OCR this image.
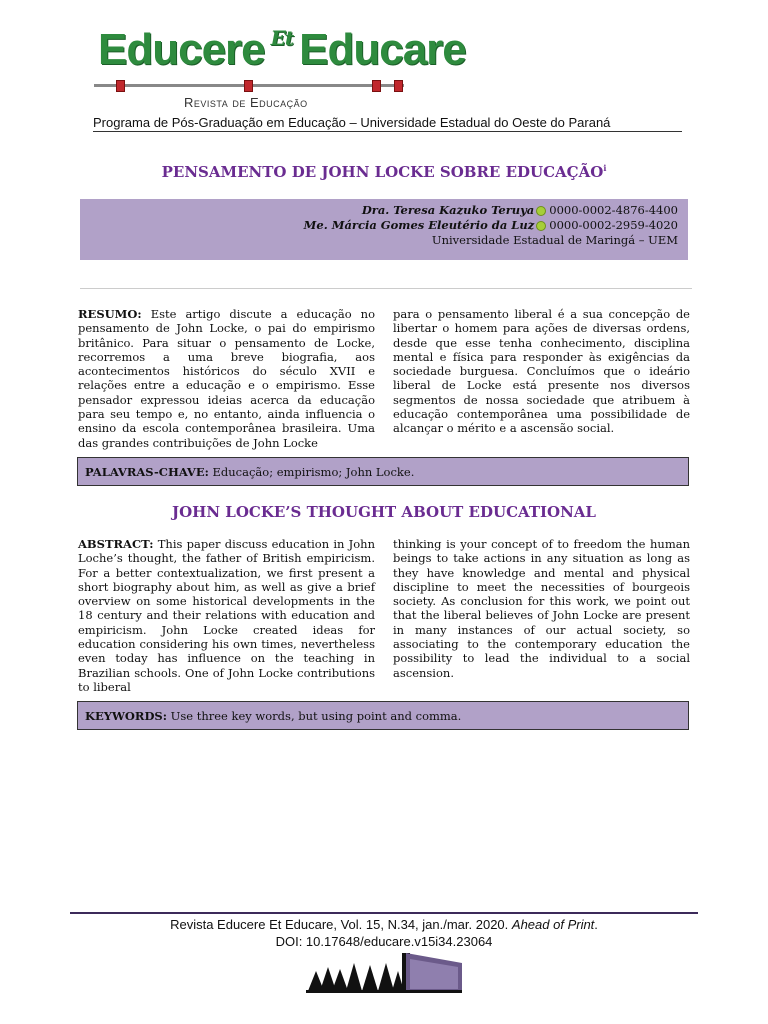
Educere $^{Et}$ Educare
Revista de Educação
Programa de Pós-Graduação em Educação – Universidade Estadual do Oeste do Paraná
PENSAMENTO DE JOHN LOCKE SOBRE EDUCAÇÃO$^i$
Dra. Teresa Kazuko Teruya 0000-0002-4876-4400
Me. Márcia Gomes Eleutério da Luz 0000-0002-2959-4020
Universidade Estadual de Maringá – UEM
RESUMO: Este artigo discute a educação no pensamento de John Locke, o pai do empirismo britânico. Para situar o pensamento de Locke, recorremos a uma breve biografia, aos acontecimentos históricos do século XVII e relações entre a educação e o empirismo. Esse pensador expressou ideias acerca da educação para seu tempo e, no entanto, ainda influencia o ensino da escola contemporânea brasileira. Uma das grandes contribuições de John Locke
para o pensamento liberal é a sua concepção de libertar o homem para ações de diversas ordens, desde que esse tenha conhecimento, disciplina mental e física para responder às exigências da sociedade burguesa. Concluímos que o ideário liberal de Locke está presente nos diversos segmentos de nossa sociedade que atribuem à educação contemporânea uma possibilidade de alcançar o mérito e a ascensão social.
PALAVRAS-CHAVE: Educação; empirismo; John Locke.
JOHN LOCKE’S THOUGHT ABOUT EDUCATIONAL
ABSTRACT: This paper discuss education in John Loche’s thought, the father of British empiricism. For a better contextualization, we first present a short biography about him, as well as give a brief overview on some historical developments in the 18 century and their relations with education and empiricism. John Locke created ideas for education considering his own times, nevertheless even today has influence on the teaching in Brazilian schools. One of John Locke contributions to liberal
thinking is your concept of to freedom the human beings to take actions in any situation as long as they have knowledge and mental and physical discipline to meet the necessities of bourgeois society. As conclusion for this work, we point out that the liberal believes of John Locke are present in many instances of our actual society, so associating to the contemporary education the possibility to lead the individual to a social ascension.
KEYWORDS: Use three key words, but using point and comma.
Revista Educere Et Educare, Vol. 15, N.34, jan./mar. 2020. Ahead of Print.
DOI: 10.17648/educare.v15i34.23064
